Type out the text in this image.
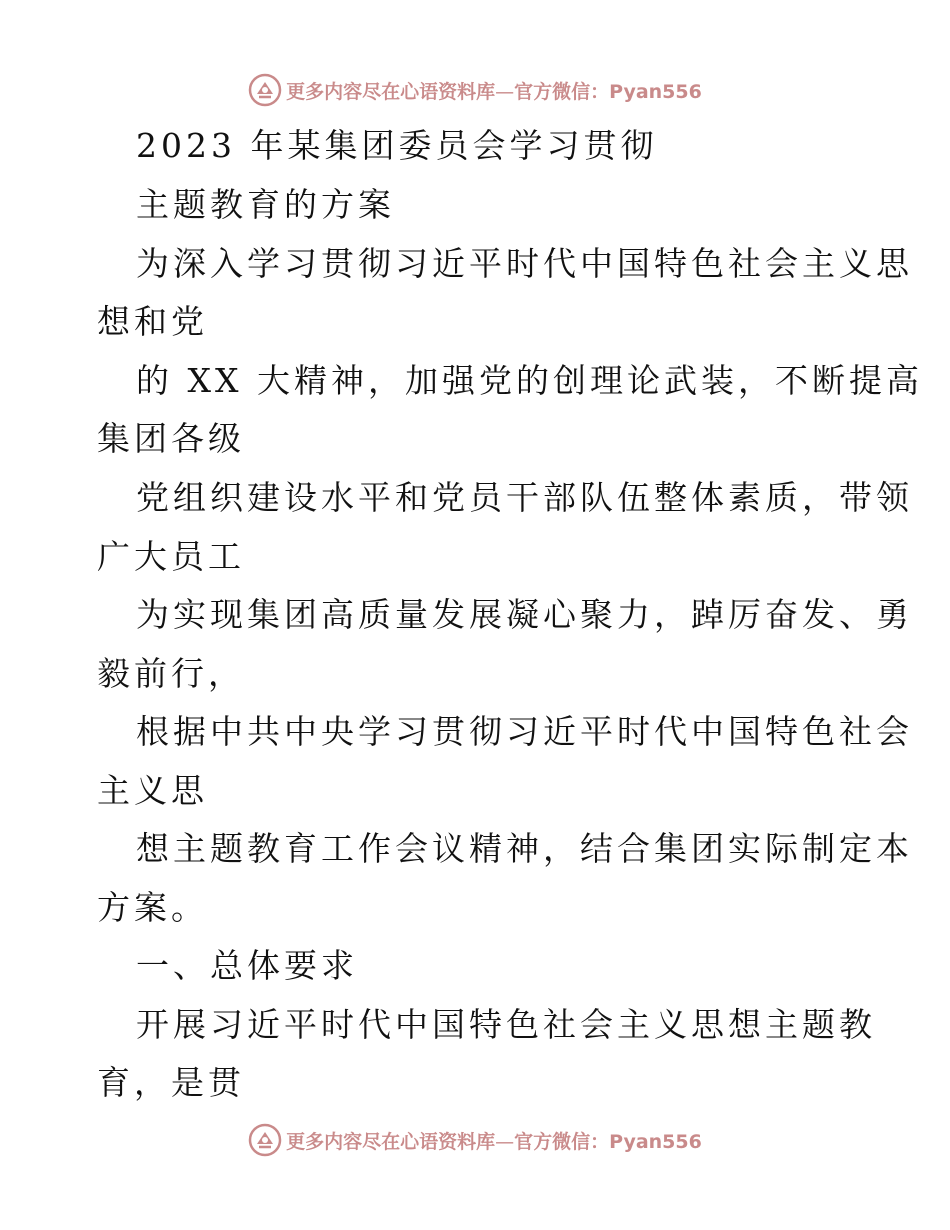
更多内容尽在心语资料库—官方微信：Pyan556

2023 年某集团委员会学习贯彻

主题教育的方案

为深入学习贯彻习近平时代中国特色社会主义思

想和党

的 XX 大精神，加强党的创理论武装，不断提高

集团各级

党组织建设水平和党员干部队伍整体素质，带领

广大员工

为实现集团高质量发展凝心聚力，踔厉奋发、勇

毅前行，

根据中共中央学习贯彻习近平时代中国特色社会

主义思

想主题教育工作会议精神，结合集团实际制定本

方案。

一、总体要求

开展习近平时代中国特色社会主义思想主题教

育，是贯

更多内容尽在心语资料库—官方微信：Pyan556
